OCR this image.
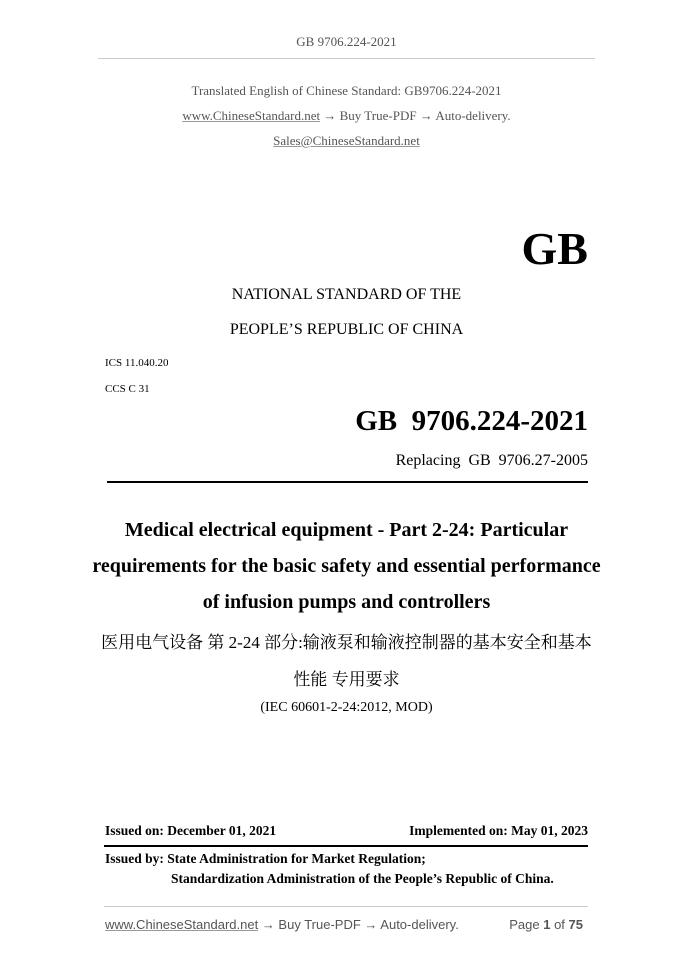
GB 9706.224-2021
Translated English of Chinese Standard: GB9706.224-2021
www.ChineseStandard.net → Buy True-PDF → Auto-delivery.
Sales@ChineseStandard.net
GB
NATIONAL STANDARD OF THE
PEOPLE’S REPUBLIC OF CHINA
ICS 11.040.20
CCS C 31
GB  9706.224-2021
Replacing  GB  9706.27-2005
Medical electrical equipment - Part 2-24: Particular
requirements for the basic safety and essential performance
of infusion pumps and controllers
医用电气设备 第 2-24 部分:输液泵和输液控制器的基本安全和基本
性能 专用要求
(IEC 60601-2-24:2012, MOD)
Issued on: December 01, 2021	Implemented on: May 01, 2023
Issued by: State Administration for Market Regulation;
Standardization Administration of the People’s Republic of China.
www.ChineseStandard.net → Buy True-PDF → Auto-delivery.	Page 1 of 75
